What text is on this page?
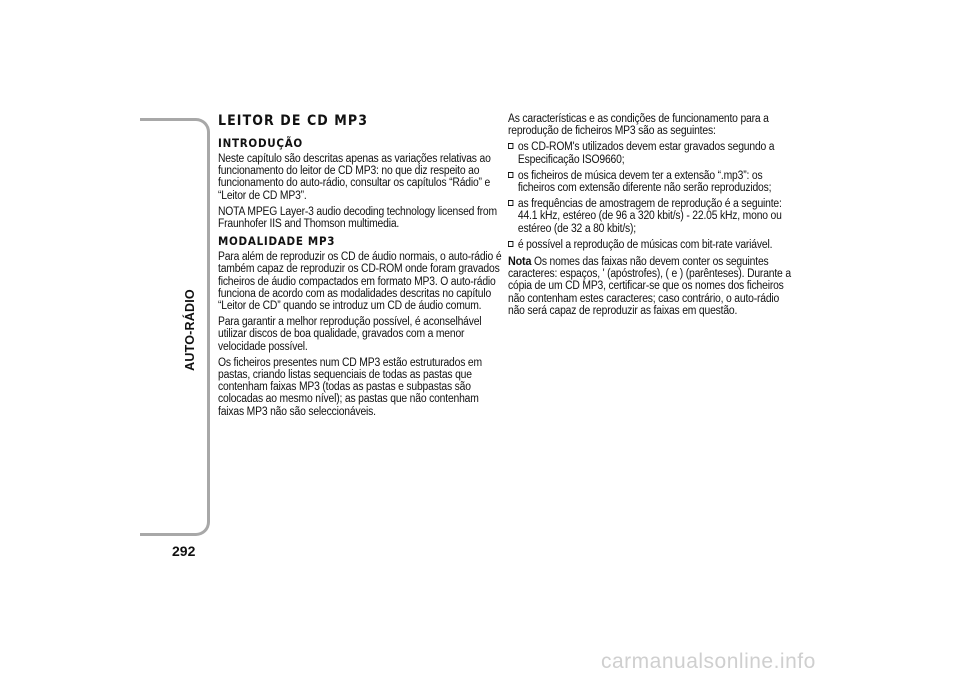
AUTO-RÁDIO
292
LEITOR DE CD MP3
INTRODUÇÃO

Neste capítulo são descritas apenas as variações relativas ao funcionamento do leitor de CD MP3: no que diz respeito ao funcionamento do auto-rádio, consultar os capítulos “Rádio” e “Leitor de CD MP3”.

NOTA MPEG Layer-3 audio decoding technology licensed from Fraunhofer IIS and Thomson multimedia.

MODALIDADE MP3

Para além de reproduzir os CD de áudio normais, o auto-rádio é também capaz de reproduzir os CD-ROM onde foram gravados ficheiros de áudio compactados em formato MP3. O auto-rádio funciona de acordo com as modalidades descritas no capítulo “Leitor de CD” quando se introduz um CD de áudio comum.

Para garantir a melhor reprodução possível, é aconselhável utilizar discos de boa qualidade, gravados com a menor velocidade possível.

Os ficheiros presentes num CD MP3 estão estruturados em pastas, criando listas sequenciais de todas as pastas que contenham faixas MP3 (todas as pastas e subpastas são colocadas ao mesmo nível); as pastas que não contenham faixas MP3 não são seleccionáveis.

As características e as condições de funcionamento para a reprodução de ficheiros MP3 são as seguintes:

os CD-ROM's utilizados devem estar gravados segundo a Especificação ISO9660;
os ficheiros de música devem ter a extensão “.mp3”: os ficheiros com extensão diferente não serão reproduzidos;
as frequências de amostragem de reprodução é a seguinte: 44.1 kHz, estéreo (de 96 a 320 kbit/s) - 22.05 kHz, mono ou estéreo (de 32 a 80 kbit/s);
é possível a reprodução de músicas com bit-rate variável.

Nota Os nomes das faixas não devem conter os seguintes caracteres: espaços, ' (apóstrofes), ( e ) (parênteses). Durante a cópia de um CD MP3, certificar-se que os nomes dos ficheiros não contenham estes caracteres; caso contrário, o auto-rádio não será capaz de reproduzir as faixas em questão.

carmanualsonline.info
